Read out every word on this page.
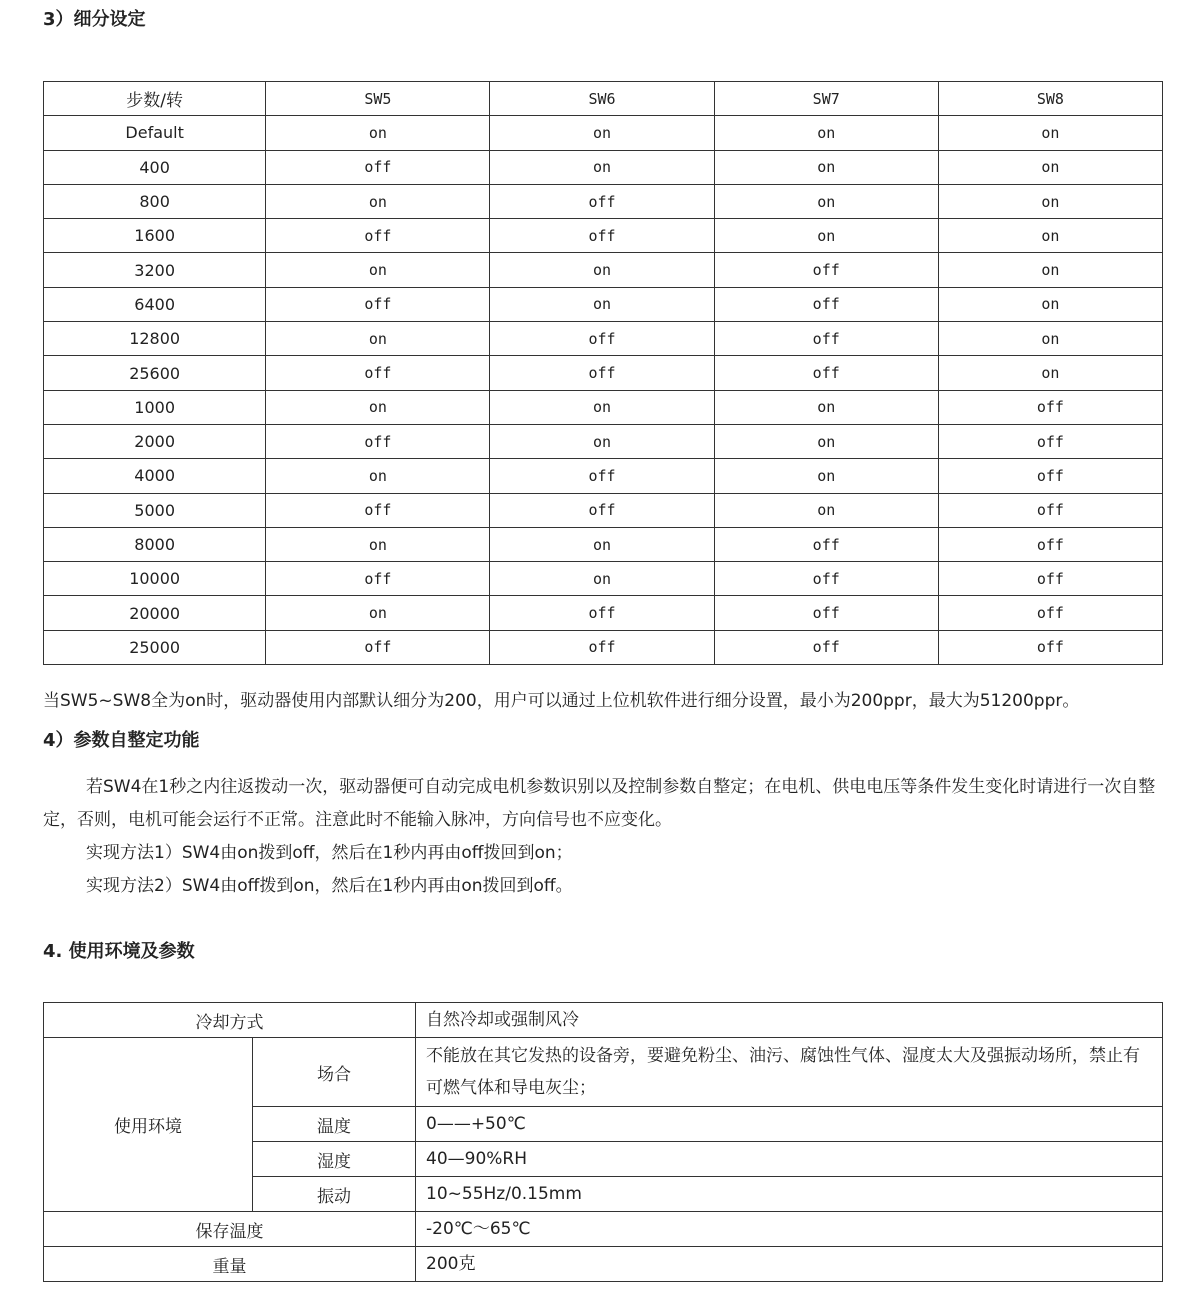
3）细分设定
步数/转	SW5	SW6	SW7	SW8
Default	on	on	on	on
400	off	on	on	on
800	on	off	on	on
1600	off	off	on	on
3200	on	on	off	on
6400	off	on	off	on
12800	on	off	off	on
25600	off	off	off	on
1000	on	on	on	off
2000	off	on	on	off
4000	on	off	on	off
5000	off	off	on	off
8000	on	on	off	off
10000	off	on	off	off
20000	on	off	off	off
25000	off	off	off	off

当SW5~SW8全为on时，驱动器使用内部默认细分为200，用户可以通过上位机软件进行细分设置，最小为200ppr，最大为51200ppr。

4）参数自整定功能

若SW4在1秒之内往返拨动一次，驱动器便可自动完成电机参数识别以及控制参数自整定；在电机、供电电压等条件发生变化时请进行一次自整定，否则，电机可能会运行不正常。注意此时不能输入脉冲，方向信号也不应变化。

实现方法1）SW4由on拨到off，然后在1秒内再由off拨回到on；

实现方法2）SW4由off拨到on，然后在1秒内再由on拨回到off。

4. 使用环境及参数
冷却方式		自然冷却或强制风冷
使用环境	场合	不能放在其它发热的设备旁，要避免粉尘、油污、腐蚀性气体、湿度太大及强振动场所，禁止有可燃气体和导电灰尘；
	温度	0——+50℃
	湿度	40—90%RH
	振动	10~55Hz/0.15mm
保存温度		-20℃～65℃
重量		200克
